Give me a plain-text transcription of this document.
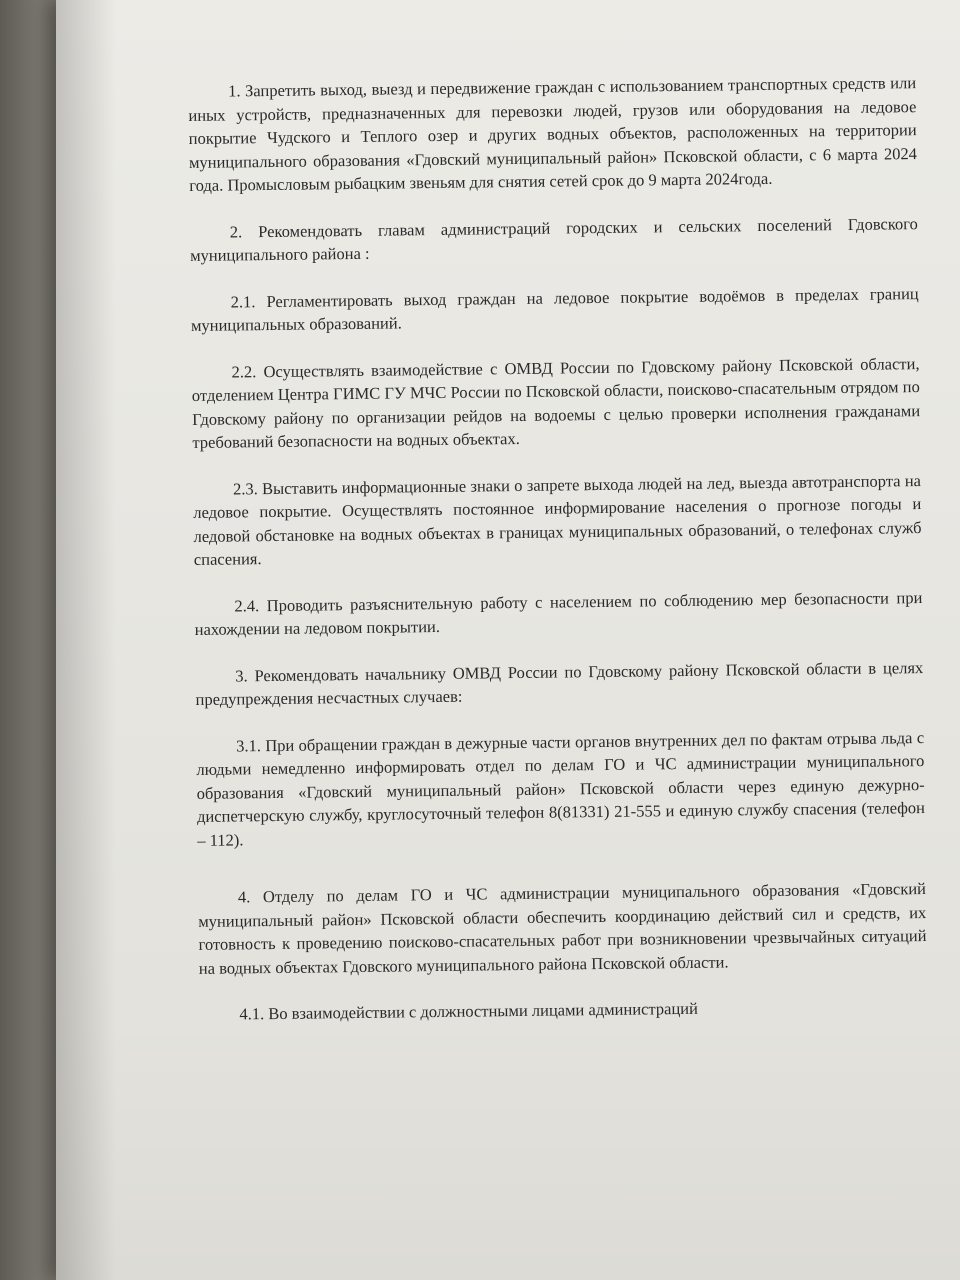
1. Запретить выход, выезд и передвижение граждан с использованием транспортных средств или иных устройств, предназначенных для перевозки людей, грузов или оборудования на ледовое покрытие Чудского и Теплого озер и других водных объектов, расположенных на территории муниципального образования «Гдовский муниципальный район» Псковской области, с 6 марта 2024 года. Промысловым рыбацким звеньям для снятия сетей срок до 9 марта 2024года.

2. Рекомендовать главам администраций городских и сельских поселений Гдовского муниципального района :

2.1. Регламентировать выход граждан на ледовое покрытие водоёмов в пределах границ муниципальных образований.

2.2. Осуществлять взаимодействие с ОМВД России по Гдовскому району Псковской области, отделением Центра ГИМС ГУ МЧС России по Псковской области, поисково-спасательным отрядом по Гдовскому району по организации рейдов на водоемы с целью проверки исполнения гражданами требований безопасности на водных объектах.

2.3. Выставить информационные знаки о запрете выхода людей на лед, выезда автотранспорта на ледовое покрытие. Осуществлять постоянное информирование населения о прогнозе погоды и ледовой обстановке на водных объектах в границах муниципальных образований, о телефонах служб спасения.

2.4. Проводить разъяснительную работу с населением по соблюдению мер безопасности при нахождении на ледовом покрытии.

3. Рекомендовать начальнику ОМВД России по Гдовскому району Псковской области в целях предупреждения несчастных случаев:

3.1. При обращении граждан в дежурные части органов внутренних дел по фактам отрыва льда с людьми немедленно информировать отдел по делам ГО и ЧС администрации муниципального образования «Гдовский муниципальный район» Псковской области через единую дежурно-диспетчерскую службу, круглосуточный телефон 8(81331) 21-555 и единую службу спасения (телефон – 112).

4. Отделу по делам ГО и ЧС администрации муниципального образования «Гдовский муниципальный район» Псковской области обеспечить координацию действий сил и средств, их готовность к проведению поисково-спасательных работ при возникновении чрезвычайных ситуаций на водных объектах Гдовского муниципального района Псковской области.

4.1. Во взаимодействии с должностными лицами администраций
